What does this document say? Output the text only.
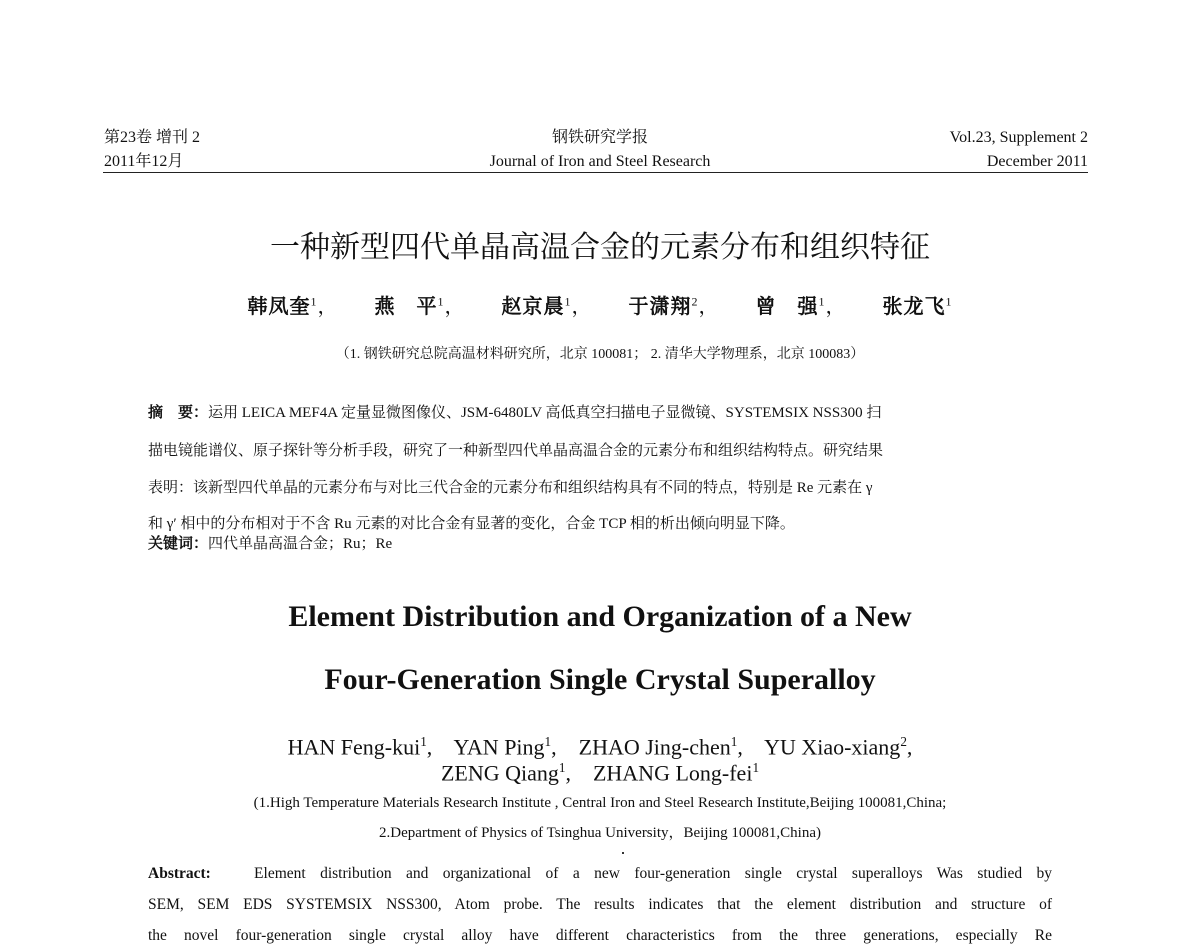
第23卷 增刊 2
2011年12月
钢铁研究学报
Journal of Iron and Steel Research
Vol.23, Supplement 2
December 2011
一种新型四代单晶高温合金的元素分布和组织特征
韩凤奎$^1$， 燕　平$^1$， 赵京晨$^1$， 于潇翔$^2$， 曾　强$^1$， 张龙飞$^1$
（1. 钢铁研究总院高温材料研究所，北京 100081； 2. 清华大学物理系，北京 100083）
摘　要：运用 LEICA MEF4A 定量显微图像仪、JSM-6480LV 高低真空扫描电子显微镜、SYSTEMSIX NSS300 扫
描电镜能谱仪、原子探针等分析手段，研究了一种新型四代单晶高温合金的元素分布和组织结构特点。研究结果
表明：该新型四代单晶的元素分布与对比三代合金的元素分布和组织结构具有不同的特点，特别是 Re 元素在 γ
和 γ′ 相中的分布相对于不含 Ru 元素的对比合金有显著的变化，合金 TCP 相的析出倾向明显下降。
关键词：四代单晶高温合金；Ru；Re
Element Distribution and Organization of a New
Four-Generation Single Crystal Superalloy
HAN Feng-kui$^1$,    YAN Ping$^1$,    ZHAO Jing-chen$^1$,    YU Xiao-xiang$^2$,
ZENG Qiang$^1$,    ZHANG Long-fei$^1$
(1.High Temperature Materials Research Institute , Central Iron and Steel Research Institute,Beijing 100081,China;
2.Department of Physics of Tsinghua University，Beijing 100081,China)
Abstract:	Element distribution and organizational of a new four-generation single crystal superalloys Was studied by
SEM, SEM EDS SYSTEMSIX NSS300, Atom probe. The results indicates that the element distribution and structure of
the novel four-generation single crystal alloy have different characteristics from the three generations, especially Re
